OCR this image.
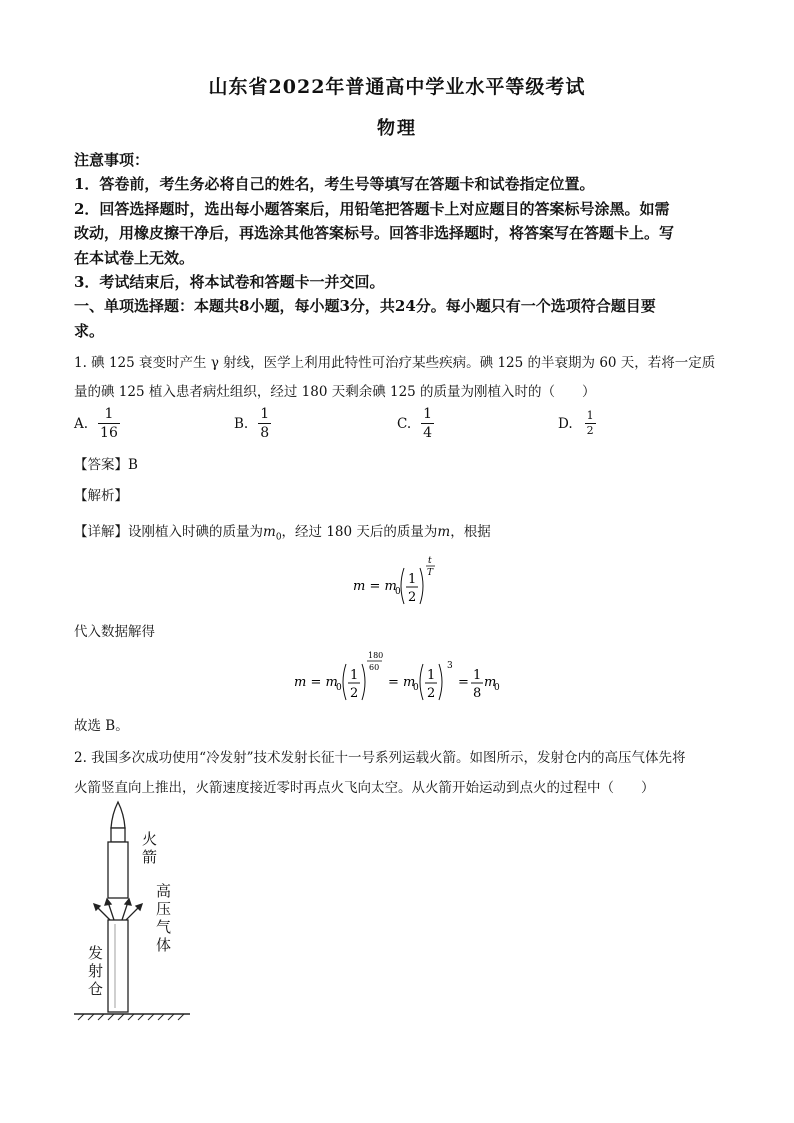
山东省2022年普通高中学业水平等级考试
物理
注意事项：
1．答卷前，考生务必将自己的姓名，考生号等填写在答题卡和试卷指定位置。
2．回答选择题时，选出每小题答案后，用铅笔把答题卡上对应题目的答案标号涂黑。如需
改动，用橡皮擦干净后，再选涂其他答案标号。回答非选择题时，将答案写在答题卡上。写
在本试卷上无效。
3．考试结束后，将本试卷和答题卡一并交回。
一、单项选择题：本题共8小题，每小题3分，共24分。每小题只有一个选项符合题目要
求。
1. 碘 125 衰变时产生 γ 射线，医学上利用此特性可治疗某些疾病。碘 125 的半衰期为 60 天，若将一定质
量的碘 125 植入患者病灶组织，经过 180 天剩余碘 125 的质量为刚植入时的（　　）
A. $\frac{1}{16}$	B. $\frac{1}{8}$	C. $\frac{1}{4}$	D. $\frac{1}{2}$
【答案】B
【解析】
【详解】设刚植入时碘的质量为$m_0$，经过 180 天后的质量为m，根据
m = m
0
1
2
t
T
代入数据解得
m = m
0
1
2
180
60
= m
0
1
2
3
= 1
8
m
0
故选 B。
2. 我国多次成功使用“冷发射”技术发射长征十一号系列运载火箭。如图所示，发射仓内的高压气体先将
火箭竖直向上推出，火箭速度接近零时再点火飞向太空。从火箭开始运动到点火的过程中（　　）
火箭
高压气体
发射仓
